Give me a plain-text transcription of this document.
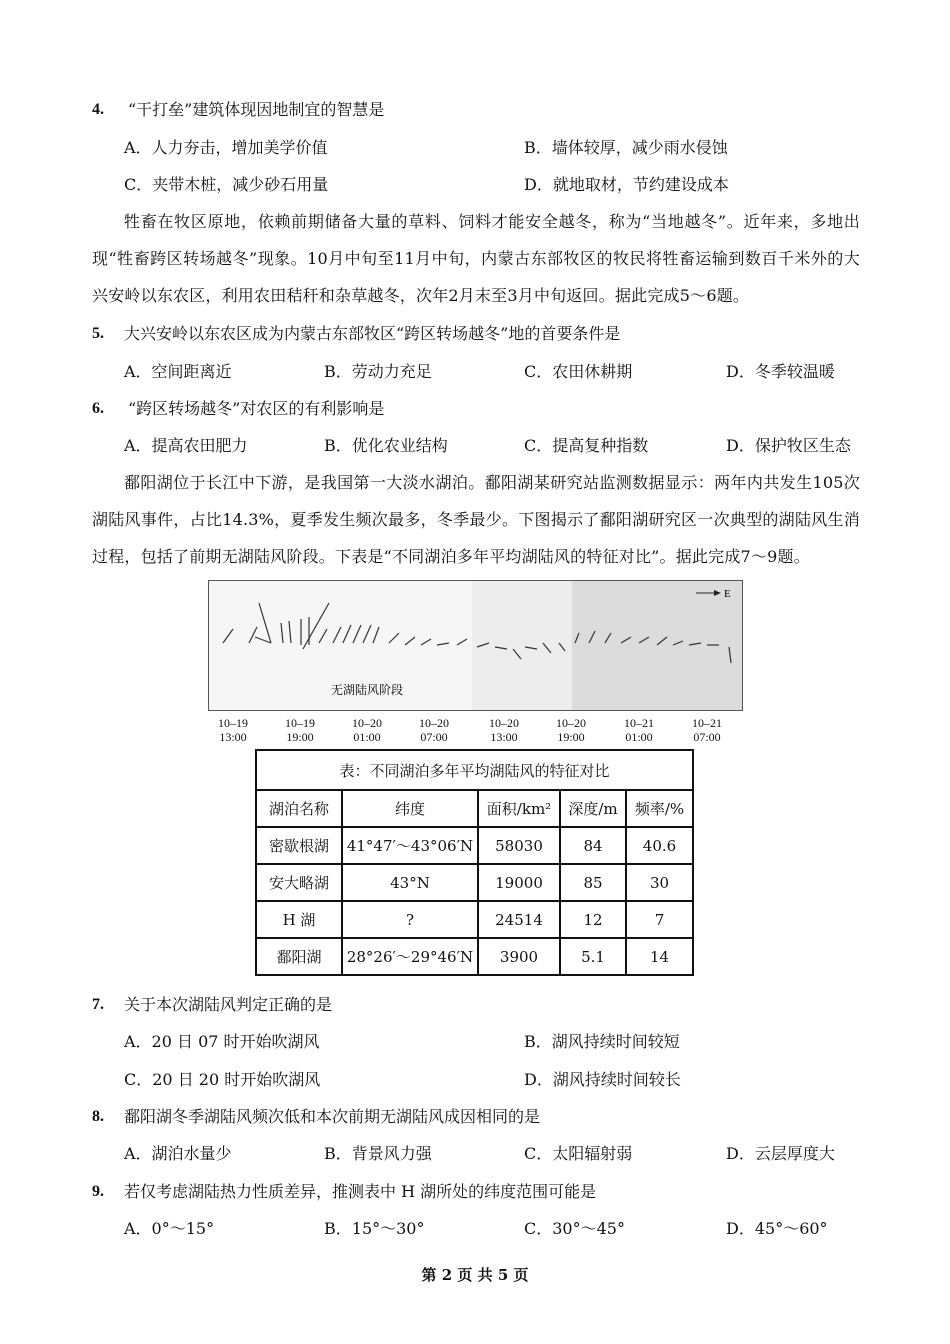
4. “干打垒”建筑体现因地制宜的智慧是
A．人力夯击，增加美学价值	B．墙体较厚，减少雨水侵蚀
C．夹带木桩，减少砂石用量	D．就地取材，节约建设成本
牲畜在牧区原地，依赖前期储备大量的草料、饲料才能安全越冬，称为“当地越冬”。近年来，多地出现“牲畜跨区转场越冬”现象。10月中旬至11月中旬，内蒙古东部牧区的牧民将牲畜运输到数百千米外的大兴安岭以东农区，利用农田秸秆和杂草越冬，次年2月末至3月中旬返回。据此完成5～6题。
5. 大兴安岭以东农区成为内蒙古东部牧区“跨区转场越冬”地的首要条件是
A．空间距离近	B．劳动力充足	C．农田休耕期	D．冬季较温暖
6. “跨区转场越冬”对农区的有利影响是
A．提高农田肥力	B．优化农业结构	C．提高复种指数	D．保护牧区生态
鄱阳湖位于长江中下游，是我国第一大淡水湖泊。鄱阳湖某研究站监测数据显示：两年内共发生105次湖陆风事件，占比14.3%，夏季发生频次最多，冬季最少。下图揭示了鄱阳湖研究区一次典型的湖陆风生消过程，包括了前期无湖陆风阶段。下表是“不同湖泊多年平均湖陆风的特征对比”。据此完成7～9题。
E
无湖陆风阶段
10–19
13:00
10–19
19:00
10–20
01:00
10–20
07:00
10–20
13:00
10–20
19:00
10–21
01:00
10–21
07:00
表：不同湖泊多年平均湖陆风的特征对比				
湖泊名称	纬度	面积/km²	深度/m	频率/%
密歇根湖	41°47′～43°06′N	58030	84	40.6
安大略湖	43°N	19000	85	30
H 湖	?	24514	12	7
鄱阳湖	28°26′～29°46′N	3900	5.1	14
7. 关于本次湖陆风判定正确的是
A．20 日 07 时开始吹湖风	B．湖风持续时间较短
C．20 日 20 时开始吹湖风	D．湖风持续时间较长
8. 鄱阳湖冬季湖陆风频次低和本次前期无湖陆风成因相同的是
A．湖泊水量少	B．背景风力强	C．太阳辐射弱	D．云层厚度大
9. 若仅考虑湖陆热力性质差异，推测表中 H 湖所处的纬度范围可能是
A．0°～15°	B．15°～30°	C．30°～45°	D．45°～60°
第 2 页 共 5 页
